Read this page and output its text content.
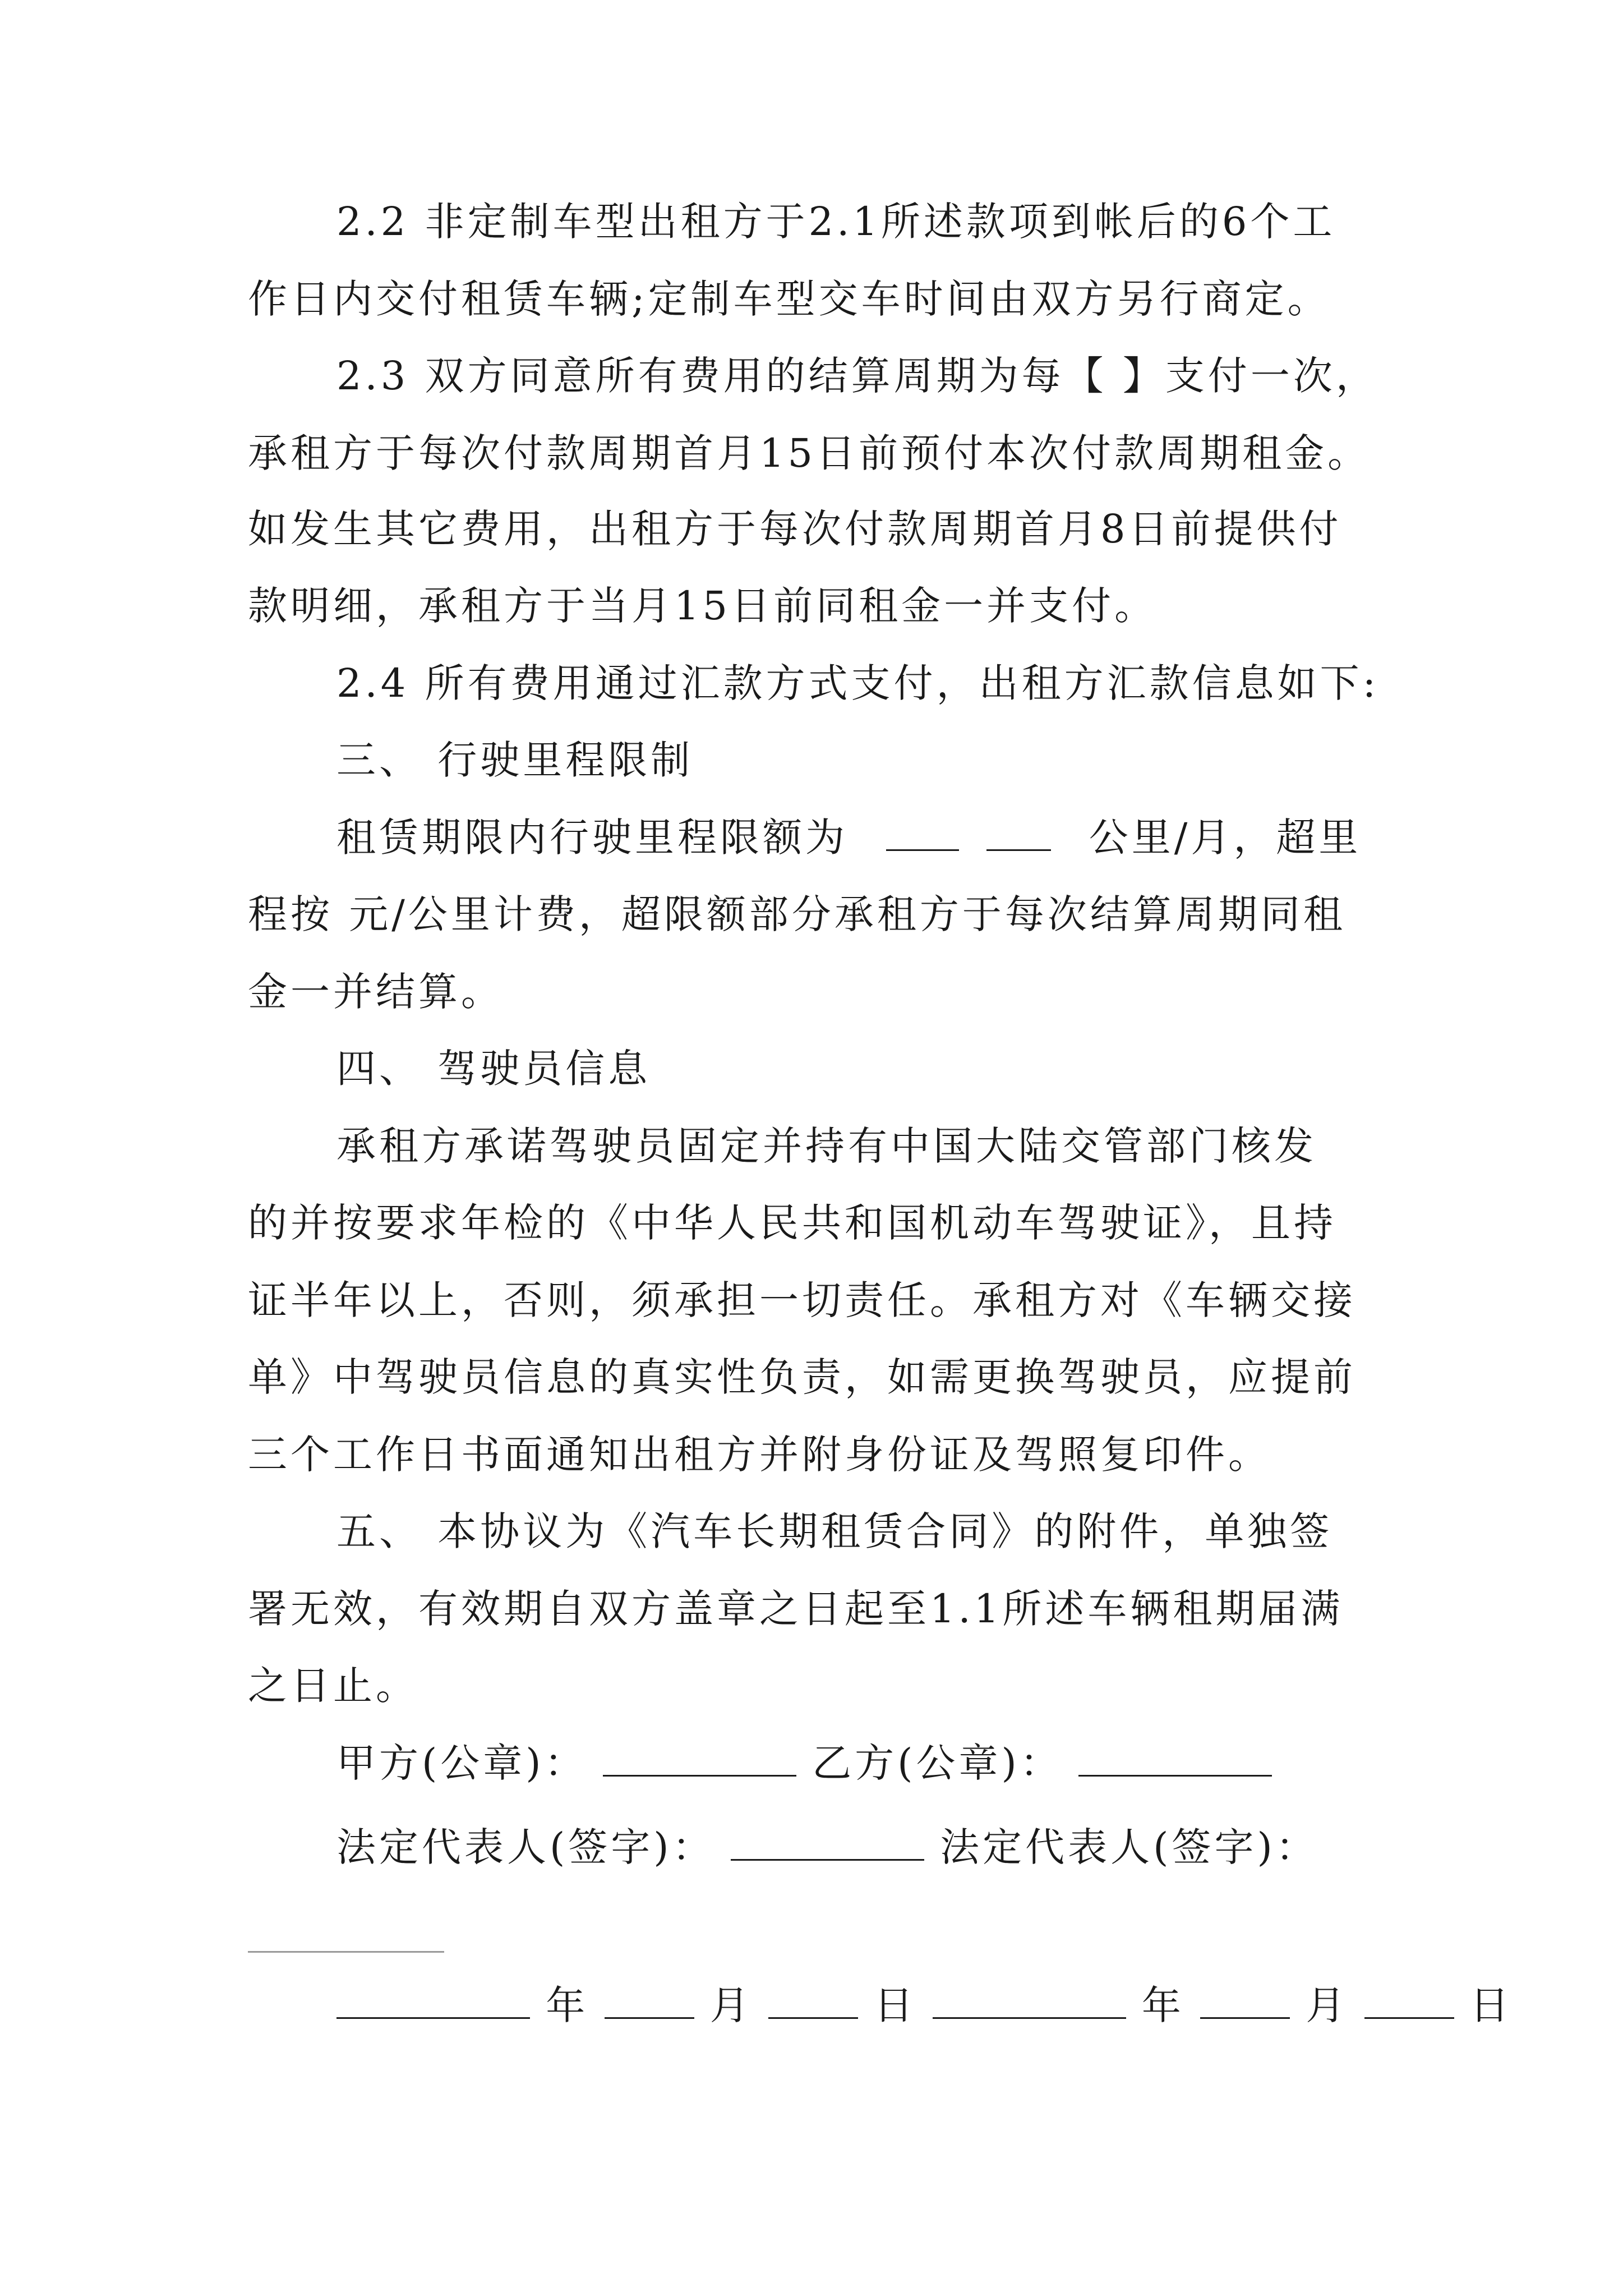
2.2 非定制车型出租方于2.1所述款项到帐后的6个工
作日内交付租赁车辆;定制车型交车时间由双方另行商定。
2.3 双方同意所有费用的结算周期为每【 】支付一次，
承租方于每次付款周期首月15日前预付本次付款周期租金。
如发生其它费用，出租方于每次付款周期首月8日前提供付
款明细，承租方于当月15日前同租金一并支付。
2.4 所有费用通过汇款方式支付，出租方汇款信息如下:
三、 行驶里程限制
租赁期限内行驶里程限额为	公里/月，超里
程按 元/公里计费，超限额部分承租方于每次结算周期同租
金一并结算。
四、 驾驶员信息
承租方承诺驾驶员固定并持有中国大陆交管部门核发
的并按要求年检的《中华人民共和国机动车驾驶证》，且持
证半年以上，否则，须承担一切责任。承租方对《车辆交接
单》中驾驶员信息的真实性负责，如需更换驾驶员，应提前
三个工作日书面通知出租方并附身份证及驾照复印件。
五、 本协议为《汽车长期租赁合同》的附件，单独签
署无效，有效期自双方盖章之日起至1.1所述车辆租期届满
之日止。
甲方(公章)：	乙方(公章)：
法定代表人(签字)：	法定代表人(签字)：
年	月	日	年	月	日
